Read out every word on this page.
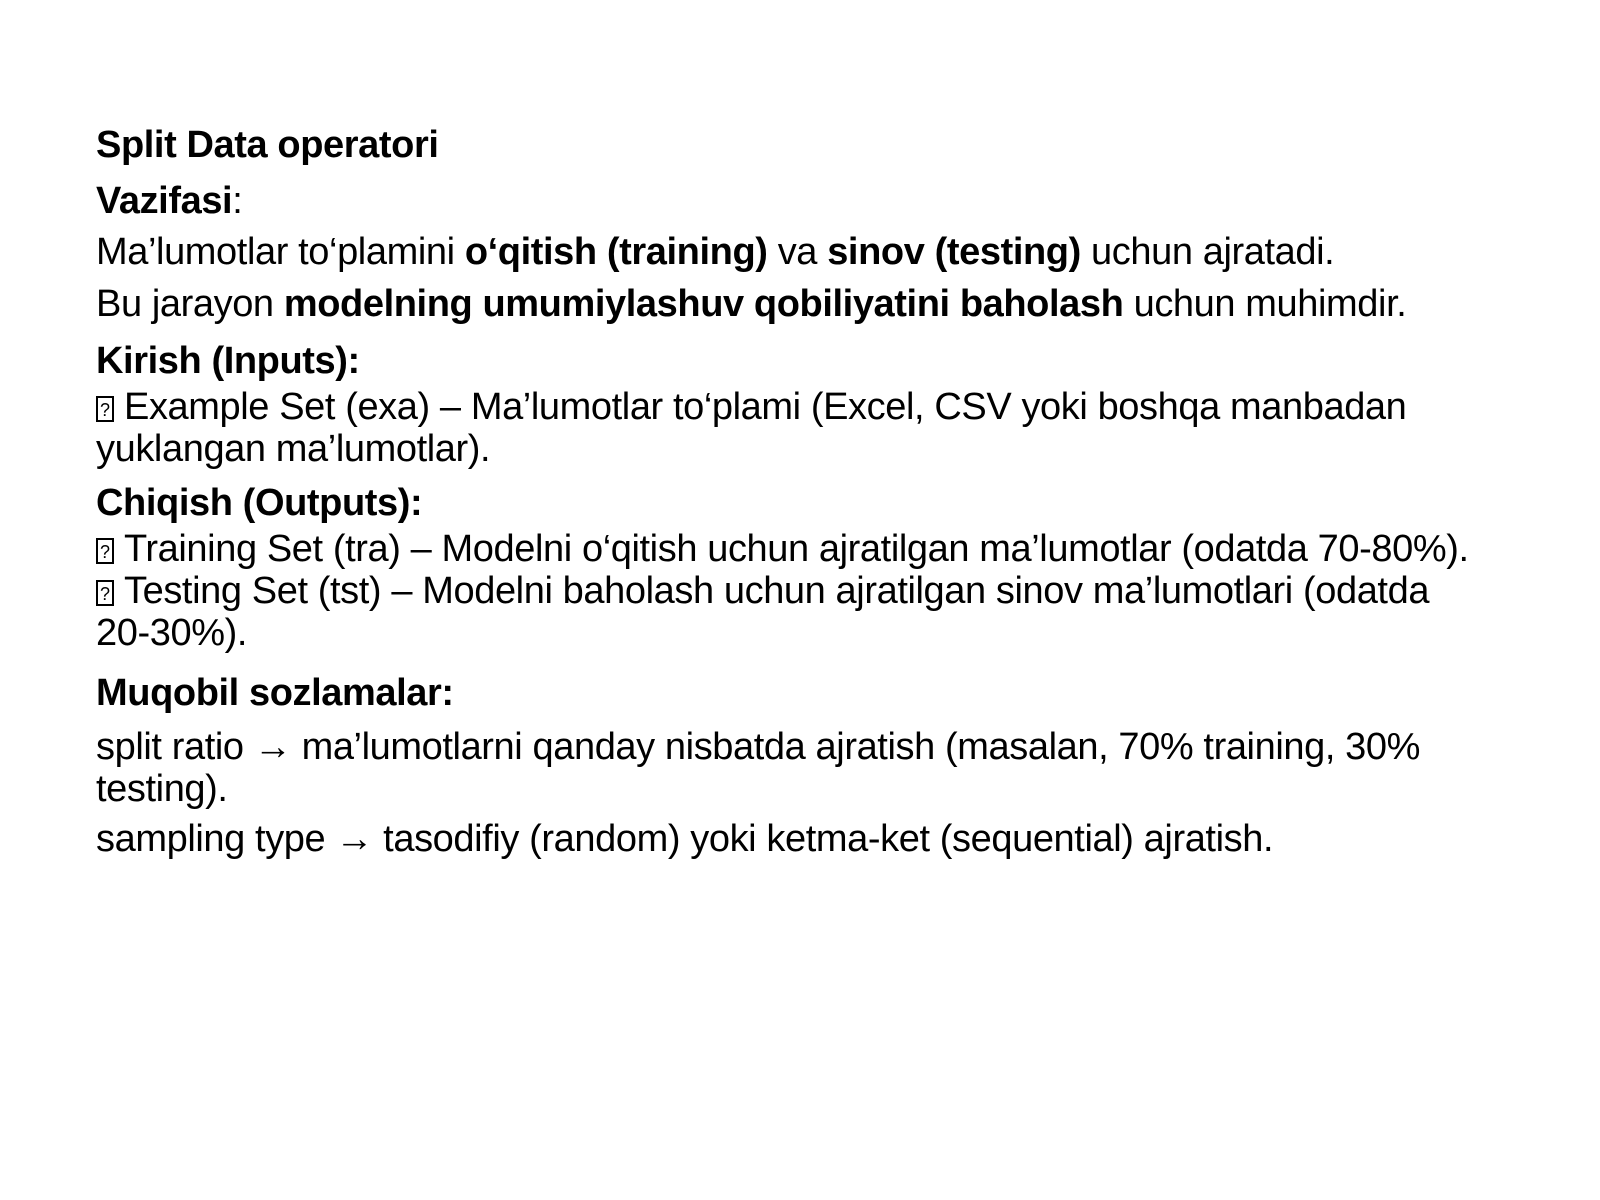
Split Data operatori

Vazifasi:

Ma’lumotlar to‘plamini o‘qitish (training) va sinov (testing) uchun ajratadi.

Bu jarayon modelning umumiylashuv qobiliyatini baholash uchun muhimdir.

Kirish (Inputs):

?Example Set (exa) – Ma’lumotlar to‘plami (Excel, CSV yoki boshqa manbadan yuklangan ma’lumotlar).

Chiqish (Outputs):

?Training Set (tra) – Modelni o‘qitish uchun ajratilgan ma’lumotlar (odatda 70-80%).

?Testing Set (tst) – Modelni baholash uchun ajratilgan sinov ma’lumotlari (odatda 20-30%).

Muqobil sozlamalar:

split ratio → ma’lumotlarni qanday nisbatda ajratish (masalan, 70% training, 30% testing).

sampling type → tasodifiy (random) yoki ketma-ket (sequential) ajratish.
